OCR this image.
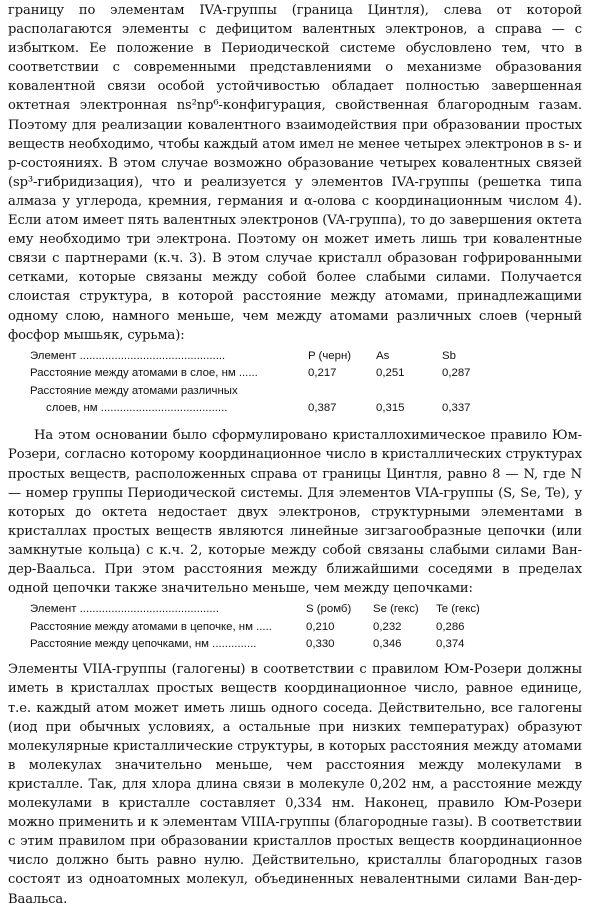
границу по элементам IVA-группы (граница Цинтля), слева от которой располагаются элементы с дефицитом валентных электронов, а справа — с избытком. Ее положение в Периодической системе обусловлено тем, что в соответствии с современными представлениями о механизме образования ковалентной связи особой устойчивостью обладает полностью завершенная октетная электронная ns²np⁶-конфигурация, свойственная благородным газам. Поэтому для реализации ковалентного взаимодействия при образовании простых веществ необходимо, чтобы каждый атом имел не менее четырех электронов в s- и p-состояниях. В этом случае возможно образование четырех ковалентных связей (sp³-гибридизация), что и реализуется у элементов IVA-группы (решетка типа алмаза у углерода, кремния, германия и α-олова с координационным числом 4). Если атом имеет пять валентных электронов (VA-группа), то до завершения октета ему необходимо три электрона. Поэтому он может иметь лишь три ковалентные связи с партнерами (к.ч. 3). В этом случае кристалл образован гофрированными сетками, которые связаны между собой более слабыми силами. Получается слоистая структура, в которой расстояние между атомами, принадлежащими одному слою, намного меньше, чем между атомами различных слоев (черный фосфор мышьяк, сурьма):

Элемент ..............................................	P (черн)	As	Sb
Расстояние между атомами в слое, нм ......	0,217	0,251	0,287

Расстояние между атомами различных
слоев, нм ........................................	0,387	0,315	0,337

На этом основании было сформулировано кристаллохимическое правило Юм-Розери, согласно которому координационное число в кристаллических структурах простых веществ, расположенных справа от границы Цинтля, равно 8 — N, где N — номер группы Периодической системы. Для элементов VIA-группы (S, Se, Te), у которых до октета недостает двух электронов, структурными элементами в кристаллах простых веществ являются линейные зигзагообразные цепочки (или замкнутые кольца) с к.ч. 2, которые между собой связаны слабыми силами Ван-дер-Ваальса. При этом расстояния между ближайшими соседями в пределах одной цепочки также значительно меньше, чем между цепочками:

Элемент ............................................	S (ромб)	Se (гекс)	Te (гекс)
Расстояние между атомами в цепочке, нм .....	0,210	0,232	0,286
Расстояние между цепочками, нм ..............	0,330	0,346	0,374

Элементы VIIA-группы (галогены) в соответствии с правилом Юм-Розери должны иметь в кристаллах простых веществ координационное число, равное единице, т.е. каждый атом может иметь лишь одного соседа. Действительно, все галогены (иод при обычных условиях, а остальные при низких температурах) образуют молекулярные кристаллические структуры, в которых расстояния между атомами в молекулах значительно меньше, чем расстояния между молекулами в кристалле. Так, для хлора длина связи в молекуле 0,202 нм, а расстояние между молекулами в кристалле составляет 0,334 нм. Наконец, правило Юм-Розери можно применить и к элементам VIIIA-группы (благородные газы). В соответствии с этим правилом при образовании кристаллов простых веществ координационное число должно быть равно нулю. Действительно, кристаллы благородных газов состоят из одноатомных молекул, объединенных невалентными силами Ван-дер-Ваальса.
